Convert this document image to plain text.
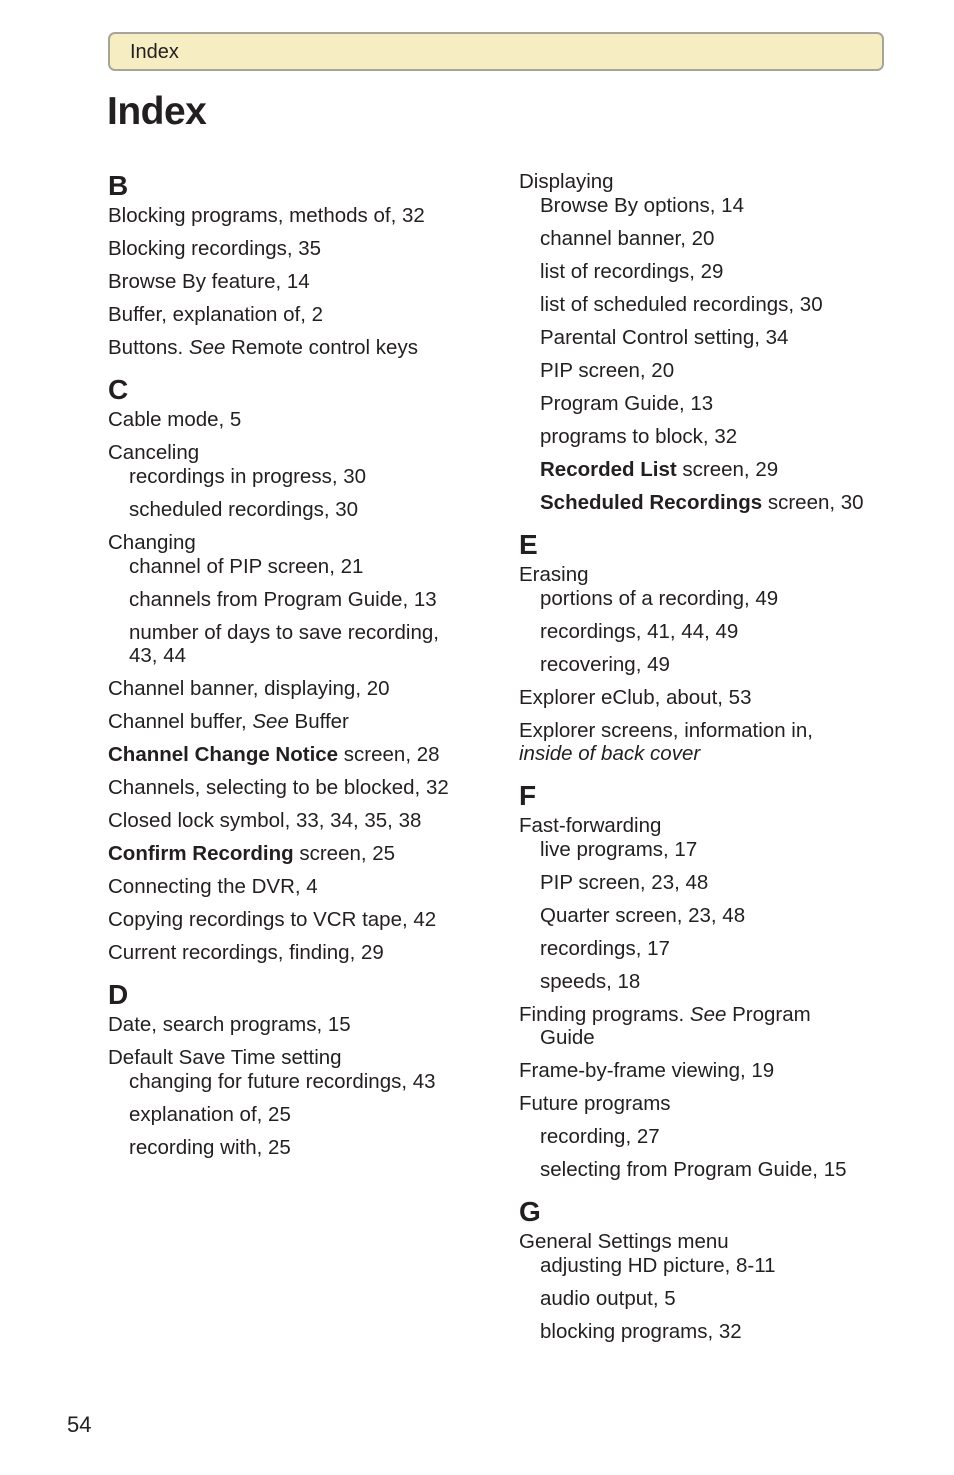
Index
Index
B
Blocking programs, methods of, 32
Blocking recordings, 35
Browse By feature, 14
Buffer, explanation of, 2
Buttons. See Remote control keys
C
Cable mode, 5
Canceling
recordings in progress, 30
scheduled recordings, 30
Changing
channel of PIP screen, 21
channels from Program Guide, 13
number of days to save recording,
43, 44
Channel banner, displaying, 20
Channel buffer, See Buffer
Channel Change Notice screen, 28
Channels, selecting to be blocked, 32
Closed lock symbol, 33, 34, 35, 38
Confirm Recording screen, 25
Connecting the DVR, 4
Copying recordings to VCR tape, 42
Current recordings, finding, 29
D
Date, search programs, 15
Default Save Time setting
changing for future recordings, 43
explanation of, 25
recording with, 25
Displaying
Browse By options, 14
channel banner, 20
list of recordings, 29
list of scheduled recordings, 30
Parental Control setting, 34
PIP screen, 20
Program Guide, 13
programs to block, 32
Recorded List screen, 29
Scheduled Recordings screen, 30
E
Erasing
portions of a recording, 49
recordings, 41, 44, 49
recovering, 49
Explorer eClub, about, 53
Explorer screens, information in,
inside of back cover
F
Fast-forwarding
live programs, 17
PIP screen, 23, 48
Quarter screen, 23, 48
recordings, 17
speeds, 18
Finding programs. See Program
Guide
Frame-by-frame viewing, 19
Future programs
recording, 27
selecting from Program Guide, 15
G
General Settings menu
adjusting HD picture, 8-11
audio output, 5
blocking programs, 32
54
